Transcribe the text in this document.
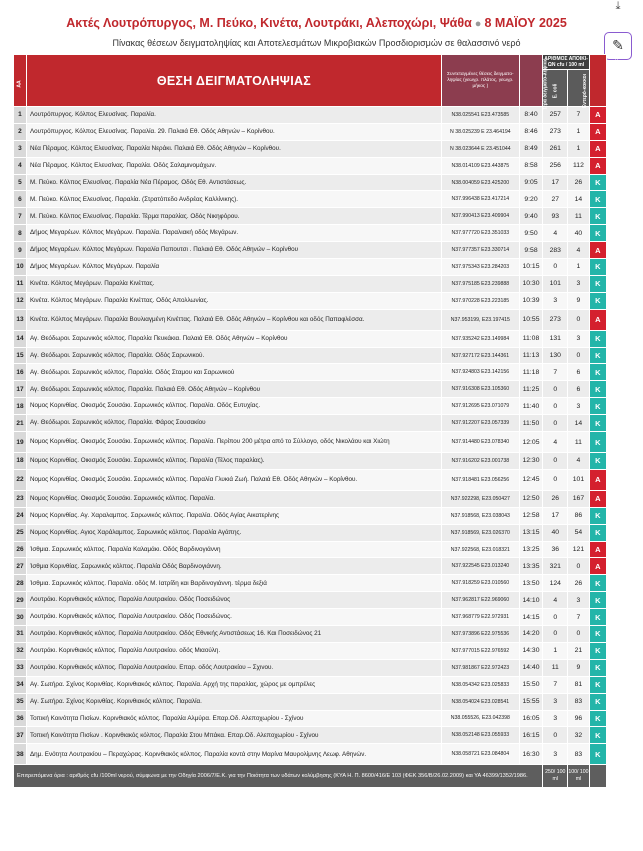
⤓
✎
Ακτές Λουτρόπυργος, Μ. Πεύκο, Κινέτα, Λουτράκι, Αλεποχώρι, Ψάθα ● 8 ΜΑΪΟΥ 2025
Πίνακας θέσεων δειγματοληψίας και Αποτελεσμάτων Μικροβιακών Προσδιορισμών σε θαλασσινό νερό
ΑΑ	ΘΕΣΗ ΔΕΙΓΜΑΤΟΛΗΨΙΑΣ	Συντεταγμένες θέσεις δειγματο-ληψίας (γεωγρ. πλάτος, γεωγρ. μήκος )	Ώρα δειγματο-ληψίας	ΑΡΙΘΜΟΣ ΑΠΟΙΚΙ-ΩΝ cfu / 100 ml		ΚΑΤΗΓΟΡΙΑ ΠΟΙΟΤΗΤΑΣ
				E. coli	Εντερό-κοκκοι	
1	Λουτρόπυργος. Κόλπος Ελευσίνας. Παραλία.	N38.025541 E23.473585	8:40	257	7	A
2	Λουτρόπυργος. Κόλπος Ελευσίνας. Παραλία. 29. Παλαιά Εθ. Οδός Αθηνών – Κορίνθου.	N 38.025239 E 23.464194	8:46	273	1	A
3	Νέα Πέραμος. Κόλπος Ελευσίνας. Παραλία Νεράκι. Παλαιά Εθ. Οδός Αθηνών – Κορίνθου.	N 38.023644 E 23.451044	8:49	261	1	A
4	Νέα Πέραμος. Κόλπος Ελευσίνας. Παραλία. Οδός Σαλαμινομάχων.	N38.014109 E23.443875	8:58	256	112	A
5	Μ. Πεύκο. Κόλπος Ελευσίνας. Παραλία Νέα Πέραμος. Οδός Εθ. Αντιστάσεως.	N38.004059 E23.425200	9:05	17	26	K
6	Μ. Πεύκο. Κόλπος Ελευσίνας. Παραλία. (Στρατόπεδο Ανδρέας Καλλίνικης).	N37.996438 E23.417214	9:20	27	14	K
7	Μ. Πεύκο. Κόλπος Ελευσίνας. Παραλία. Τέρμα παραλίας. Οδός Νικηφόρου.	N37.990413 E23.409904	9:40	93	11	K
8	Δήμος Μεγαρέων. Κόλπος Μεγάρων. Παραλία. Παραλιακή οδός Μεγάρων.	N37.977720 E23.351033	9:50	4	40	K
9	Δήμος Μεγαρέων. Κόλπος Μεγάρων. Παραλία Παπουτσι . Παλαιά Εθ. Οδός Αθηνών – Κορίνθου	N37.977357 E23.330714	9:58	283	4	A
10	Δήμος Μεγαρέων. Κόλπος Μεγάρων. Παραλία	N37.975343 E23.284203	10:15	0	1	K
11	Κινέτα. Κόλπος Μεγάρων. Παραλία Κινέττας.	N37.975185 E23.239888	10:30	101	3	K
12	Κινέτα. Κόλπος Μεγάρων. Παραλία Κινέττας. Οδός Απολλωνίας.	N37.970228 E23.223185	10:39	3	9	K
13	Κινέτα. Κόλπος Μεγάρων. Παραλία Βουλιαγμένη Κινέττας. Παλαιά Εθ. Οδός Αθηνών – Κορίνθου και οδός Παπαφλέσσα.	N37.953199, E23.197415	10:55	273	0	A
14	Αγ. Θεόδωροι. Σαρωνικός κόλπος. Παραλία Πευκάκια. Παλαιά Εθ. Οδός Αθηνών – Κορίνθου	N37.935242 E23.149984	11:08	131	3	K
15	Αγ. Θεόδωροι. Σαρωνικός κόλπος. Παραλία. Οδός Σαρωνικού.	N37.927172 E23.144361	11:13	130	0	K
16	Αγ. Θεόδωροι. Σαρωνικός κόλπος. Παραλία. Οδός Σταμου και Σαρωνικού	N37.924803 E23.142156	11:18	7	6	K
17	Αγ. Θεόδωροι. Σαρωνικός κόλπος. Παραλία. Παλαιά Εθ. Οδός Αθηνών – Κορίνθου	N37.916308 E23.105360	11:25	0	6	K
18	Νομος Κορινθίας. Οικισμός Σουσάκι. Σαρωνικός κόλπος. Παραλία. Οδός Ευτυχίας.	N37.912695 E23.071079	11:40	0	3	K
21	Αγ. Θεόδωροι. Σαρωνικός κόλπος. Παραλία. Φάρος Σουσακίου	N37.912207 E23.057339	11:50	0	14	K
19	Νομος Κορινθίας. Οικισμός Σουσάκι. Σαρωνικός κόλπος. Παραλία. Περίπου 200 μέτρα από το Σύλλογο, οδός Νικολάου και Χιώτη	N37.914480 E23.078340	12:05	4	11	K
18	Νομος Κορινθίας. Οικισμός Σουσάκι. Σαρωνικός κόλπος. Παραλία (Τέλος παραλίας).	N37.916202 E23.001738	12:30	0	4	K
22	Νομος Κορινθίας. Οικισμός Σουσάκι. Σαρωνικός κόλπος. Παραλία Γλυκιά Ζωή. Παλαιά Εθ. Οδός Αθηνών – Κορίνθου.	N37.918481 E23.056256	12:45	0	101	A
23	Νομος Κορινθίας. Οικισμός Σουσάκι. Σαρωνικός κόλπος. Παραλία.	N37.922298, E23.050427	12:50	26	167	A
24	Νομος Κορινθίας. Αγ. Χαραλαμπος. Σαρωνικός κόλπος. Παραλία. Οδός Αγίας Αικατερίνης	N37.918568, E23.038043	12:58	17	86	K
25	Νομος Κορινθίας. Αγιος Χαράλαμπος. Σαρωνικός κόλπος. Παραλία Αγάπης.	N37.918569, E23.026370	13:15	40	54	K
26	Ίσθμια. Σαρωνικός κόλπος. Παραλία Καλαμάκι. Οδός Βαρδινογιάννη	N37.922568, E23.018321	13:25	36	121	A
27	Ίσθμια Κορινθίας. Σαρωνικός κόλπος. Παραλία Οδός Βαρδινογιάννη.	N37.922545 E23.013240	13:35	321	0	A
28	Ίσθμια. Σαρωνικός κόλπος. Παραλία. οδός Μ. Ιατρίδη και Βαρδινογιάννη. τέρμα δεξιά	N37.918259 E23.010560	13:50	124	26	K
29	Λουτράκι. Κορινθιακός κόλπος. Παραλία Λουτρακίου. Οδός Ποσειδώνος	N37.962817 E22.969060	14:10	4	3	K
30	Λουτράκι. Κορινθιακός κόλπος. Παραλία Λουτρακίου. Οδός Ποσειδώνος.	N37.968779 E22.972931	14:15	0	7	K
31	Λουτράκι. Κορινθιακός κόλπος. Παραλία Λουτρακίου. Οδός Εθνικής Αντιστάσεως 16. Και Ποσειδώνος 21	N37.973896 E22.975536	14:20	0	0	K
32	Λουτράκι. Κορινθιακός κόλπος. Παραλία Λουτρακίου. οδός Μιαούλη.	N37.977015 E22.976592	14:30	1	21	K
33	Λουτράκι. Κορινθιακός κόλπος. Παραλία Λουτρακίου. Επαρ. οδός Λουτρακίου – Σχινου.	N37.981867 E22.972423	14:40	11	9	K
34	Αγ. Σωτήρα. Σχίνος Κορινθίας. Κορινθιακός κόλπος. Παραλία. Αρχή της παραλίας, χώρος με ομπρέλες	N38.054342 E23.025833	15:50	7	81	K
35	Αγ. Σωτήρα. Σχίνος Κορινθίας. Κορινθιακός κόλπος. Παραλία.	N38.054024 E23.028541	15:55	3	83	K
36	Τοπική Κοινότητα Πισίων. Κορινθιακός κόλπος. Παραλία Αλμύρα. Επαρ.Οδ. Αλεποχωρίου - Σχίνου	N38.055526, E23.042398	16:05	3	96	K
37	Τοπική Κοινότητα Πισίων . Κορινθιακός κόλπος. Παραλία Στου Μπάκα. Επαρ.Οδ. Αλεποχωρίου - Σχίνου	N38.052148 E23.055933	16:15	0	32	K
38	Δημ. Ενότητα Λουτρακίου – Περαχώρας. Κορινθιακός κόλπος. Παραλία κοντά στην Μαρίνα Μαυρολίμνης Λεωφ. Αθηνών.	N38.058721 E23.084804	16:30	3	83	K
Επιτρεπόμενα όρια : αριθμός cfu /100ml νερού, σύμφωνα με την Οδηγία 2006/7/Ε.Κ. για την Ποιότητα των υδάτων κολύμβησης (ΚΥΑ Η. Π. 8600/416/Ε 103 (ΦΕΚ 356/Β/26.02.2009) και ΥΑ 46399/1352/1986.				250/ 100 ml	100/ 100 ml	
